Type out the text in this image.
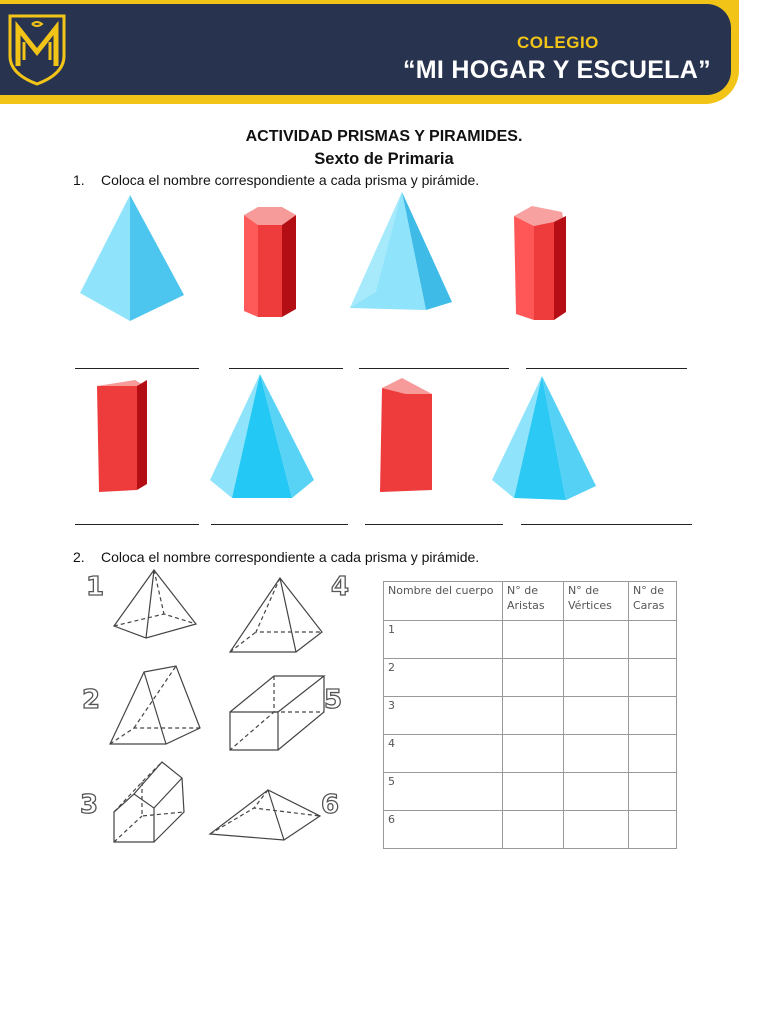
COLEGIO

“MI HOGAR Y ESCUELA”

ACTIVIDAD PRISMAS Y PIRAMIDES.

Sexto de Primaria

1. Coloca el nombre correspondiente a cada prisma y pirámide.

2. Coloca el nombre correspondiente a cada prisma y pirámide.

1	4

2	5

3	6

Nombre del cuerpo	N° de Aristas	N° de Vértices	N° de Caras
1			
2			
3			
4			
5			
6			
